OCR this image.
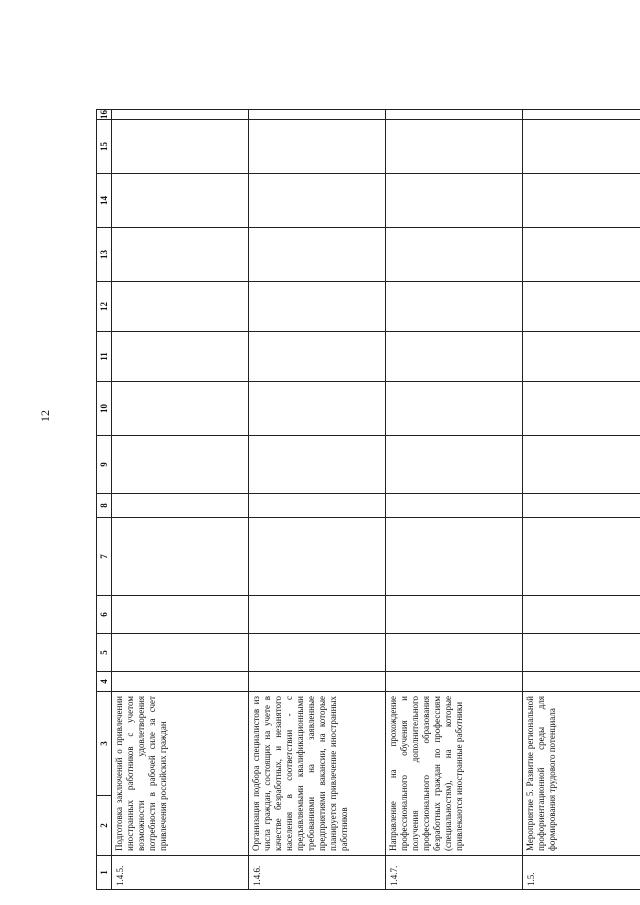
12
1	2	3	4	5	6	7	8	9	10	11	12	13	14	15	16
1.4.5.	Подготовка заключений о привлечении иностранных работников с учетом возможности удовлетворения потребности в рабочей силе за счет привлечения российских граждан														
1.4.6.	Организация подбора специалистов из числа граждан, состоящих на учете в качестве безработных, и незанятого населения в соответствии - с предъявляемыми квалификационными требованиями на заявленные предприятиями вакансии, на которые планируется привлечение иностранных работников														
1.4.7.	Направление на прохождение профессионального обучения и получения дополнительного профессионального образования безработных граждан по профессиям (специальностям), на которые привлекаются иностранные работники														
1.5.	Мероприятие 5. Развитие региональной профориентационной среды для формирования трудового потенциала														
